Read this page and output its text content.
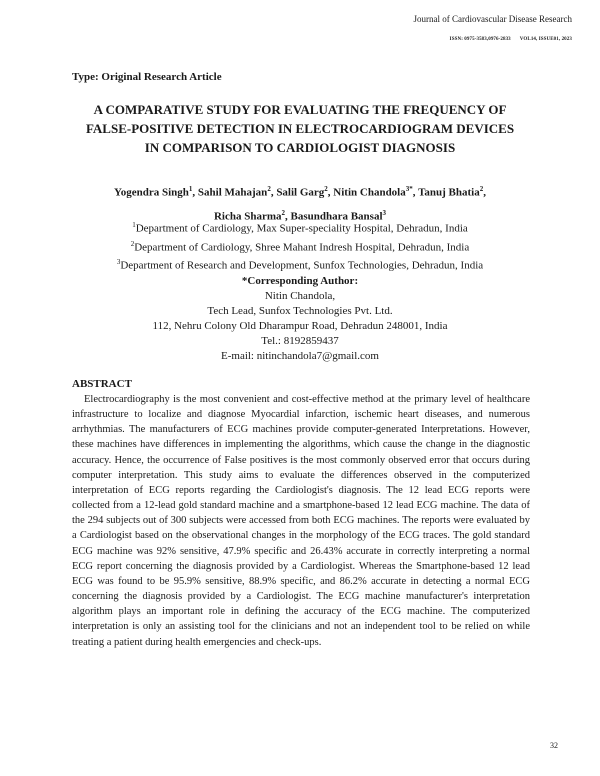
Journal of Cardiovascular Disease Research
ISSN: 0975-3583,0976-2833 VOL14, ISSUE01, 2023
Type: Original Research Article
A COMPARATIVE STUDY FOR EVALUATING THE FREQUENCY OF
FALSE-POSITIVE DETECTION IN ELECTROCARDIOGRAM DEVICES
IN COMPARISON TO CARDIOLOGIST DIAGNOSIS
Yogendra Singh$^1$, Sahil Mahajan$^2$, Salil Garg$^2$, Nitin Chandola$^{3*}$, Tanuj Bhatia$^2$,
Richa Sharma$^2$, Basundhara Bansal$^3$
$^1$Department of Cardiology, Max Super-speciality Hospital, Dehradun, India
$^2$Department of Cardiology, Shree Mahant Indresh Hospital, Dehradun, India
$^3$Department of Research and Development, Sunfox Technologies, Dehradun, India
*Corresponding Author:
Nitin Chandola,
Tech Lead, Sunfox Technologies Pvt. Ltd.
112, Nehru Colony Old Dharampur Road, Dehradun 248001, India
Tel.: 8192859437
E-mail: nitinchandola7@gmail.com
ABSTRACT

Electrocardiography is the most convenient and cost-effective method at the primary level of healthcare infrastructure to localize and diagnose Myocardial infarction, ischemic heart diseases, and numerous arrhythmias. The manufacturers of ECG machines provide computer-generated Interpretations. However, these machines have differences in implementing the algorithms, which cause the change in the diagnostic accuracy. Hence, the occurrence of False positives is the most commonly observed error that occurs during computer interpretation. This study aims to evaluate the differences observed in the computerized interpretation of ECG reports regarding the Cardiologist's diagnosis. The 12 lead ECG reports were collected from a 12-lead gold standard machine and a smartphone-based 12 lead ECG machine. The data of the 294 subjects out of 300 subjects were accessed from both ECG machines. The reports were evaluated by a Cardiologist based on the observational changes in the morphology of the ECG traces. The gold standard ECG machine was 92% sensitive, 47.9% specific and 26.43% accurate in correctly interpreting a normal ECG report concerning the diagnosis provided by a Cardiologist. Whereas the Smartphone-based 12 lead ECG was found to be 95.9% sensitive, 88.9% specific, and 86.2% accurate in detecting a normal ECG concerning the diagnosis provided by a Cardiologist. The ECG machine manufacturer's interpretation algorithm plays an important role in defining the accuracy of the ECG machine. The computerized interpretation is only an assisting tool for the clinicians and not an independent tool to be relied on while treating a patient during health emergencies and check-ups.

32
